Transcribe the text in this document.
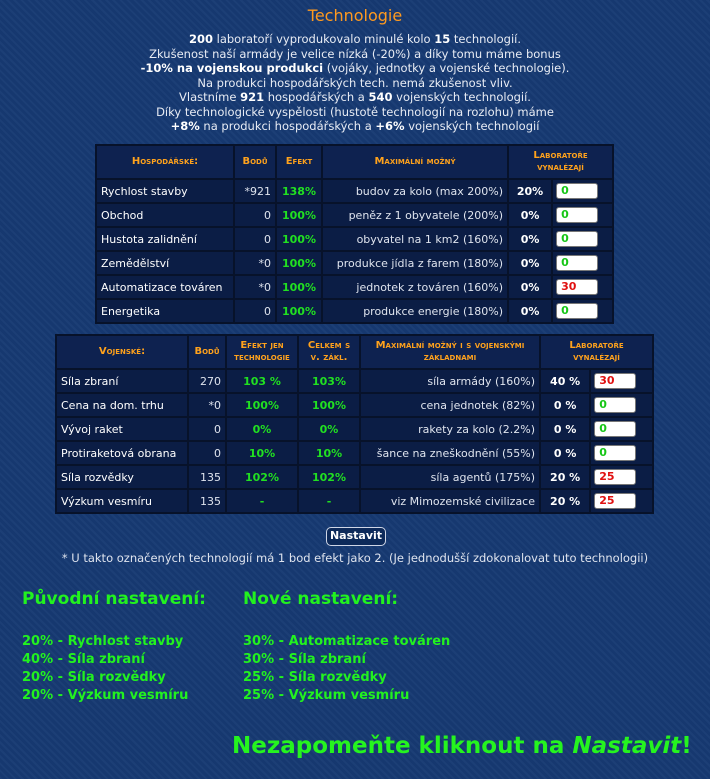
Technologie
200 laboratoří vyprodukovalo minulé kolo 15 technologií.
Zkušenost naší armády je velice nízká (-20%) a díky tomu máme bonus
-10% na vojenskou produkci (vojáky, jednotky a vojenské technologie).
Na produkci hospodářských tech. nemá zkušenost vliv.
Vlastníme 921 hospodářských a 540 vojenských technologií.
Díky technologické vyspělosti (hustotě technologií na rozlohu) máme
+8% na produkci hospodářských a +6% vojenských technologií
Hospodářské:	Bodů	Efekt	Maximální možný	Laboratoře vynalézají	
Rychlost stavby	*921	138%	budov za kolo (max 200%)	20%	0

Obchod	0	100%	peněz z 1 obyvatele (200%)	0%	0

Hustota zalidnění	0	100%	obyvatel na 1 km2 (160%)	0%	0

Zemědělství	*0	100%	produkce jídla z farem (180%)	0%	0

Automatizace továren	*0	100%	jednotek z továren (160%)	0%	30

Energetika	0	100%	produkce energie (180%)	0%	0
Vojenské:	Bodů	Efekt jen technologie	Celkem s v. zákl.	Maximální možný i s vojenskými základnami	Laboratoře vynalézají	
Síla zbraní	270	103 %	103%	síla armády (160%)	40 %	30

Cena na dom. trhu	*0	100%	100%	cena jednotek (82%)	0 %	0

Vývoj raket	0	0%	0%	rakety za kolo (2.2%)	0 %	0

Protiraketová obrana	0	10%	10%	šance na zneškodnění (55%)	0 %	0

Síla rozvědky	135	102%	102%	síla agentů (175%)	20 %	25

Výzkum vesmíru	135	-	-	viz Mimozemské civilizace	20 %	25
Nastavit
* U takto označených technologií má 1 bod efekt jako 2. (Je jednodušší zdokonalovat tuto technologii)
Původní nastavení:
20% - Rychlost stavby
40% - Síla zbraní
20% - Síla rozvědky
20% - Výzkum vesmíru
Nové nastavení:
30% - Automatizace továren
30% - Síla zbraní
25% - Síla rozvědky
25% - Výzkum vesmíru
Nezapomeňte kliknout na Nastavit!
